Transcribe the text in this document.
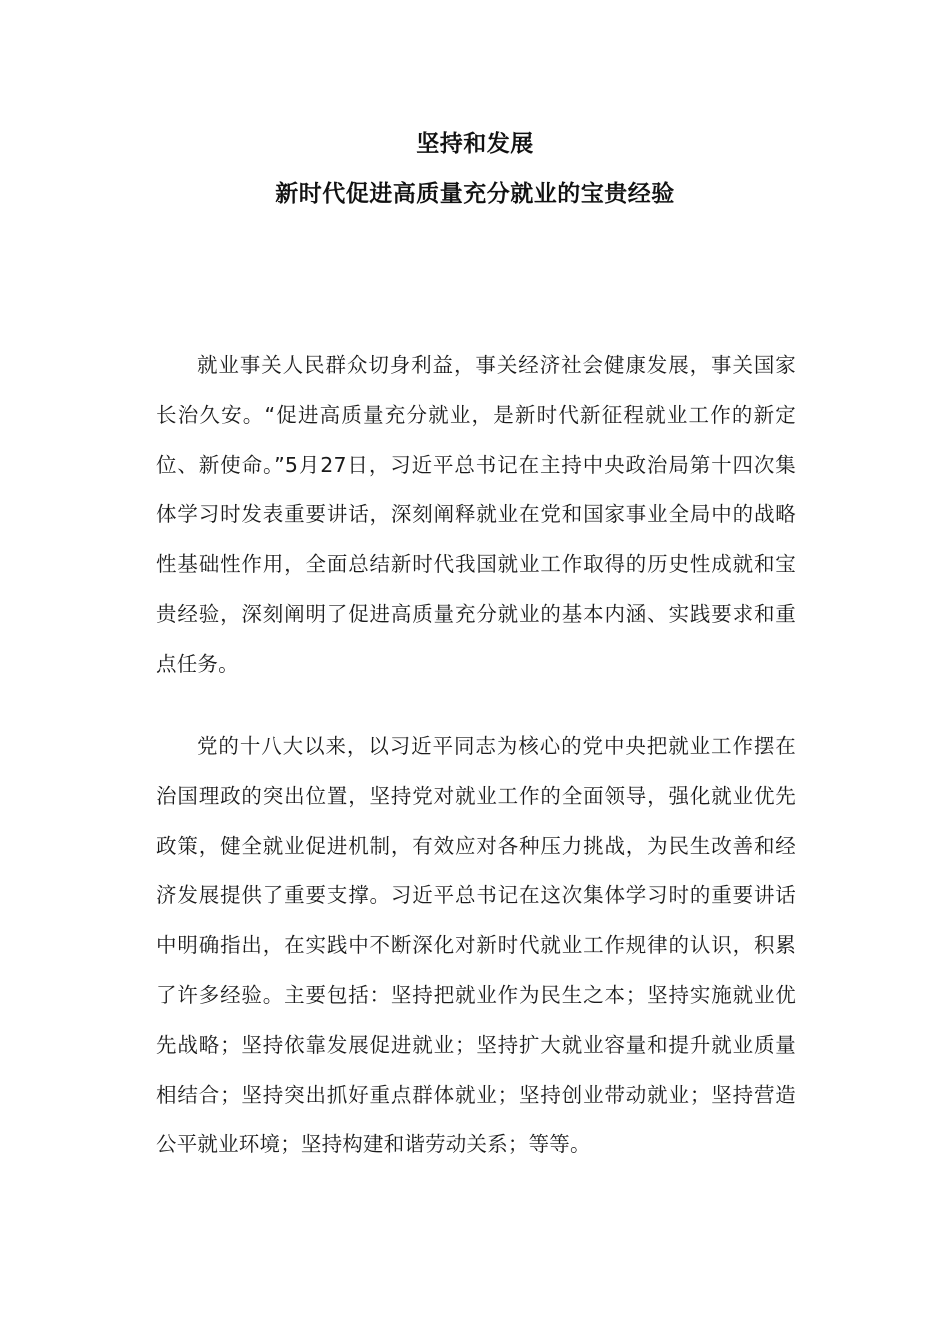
坚持和发展
新时代促进高质量充分就业的宝贵经验

就业事关人民群众切身利益，事关经济社会健康发展，事关国家长治久安。“促进高质量充分就业，是新时代新征程就业工作的新定位、新使命。”5月27日，习近平总书记在主持中央政治局第十四次集体学习时发表重要讲话，深刻阐释就业在党和国家事业全局中的战略性基础性作用，全面总结新时代我国就业工作取得的历史性成就和宝贵经验，深刻阐明了促进高质量充分就业的基本内涵、实践要求和重点任务。

党的十八大以来，以习近平同志为核心的党中央把就业工作摆在治国理政的突出位置，坚持党对就业工作的全面领导，强化就业优先政策，健全就业促进机制，有效应对各种压力挑战，为民生改善和经济发展提供了重要支撑。习近平总书记在这次集体学习时的重要讲话中明确指出，在实践中不断深化对新时代就业工作规律的认识，积累了许多经验。主要包括：坚持把就业作为民生之本；坚持实施就业优先战略；坚持依靠发展促进就业；坚持扩大就业容量和提升就业质量相结合；坚持突出抓好重点群体就业；坚持创业带动就业；坚持营造公平就业环境；坚持构建和谐劳动关系；等等。
